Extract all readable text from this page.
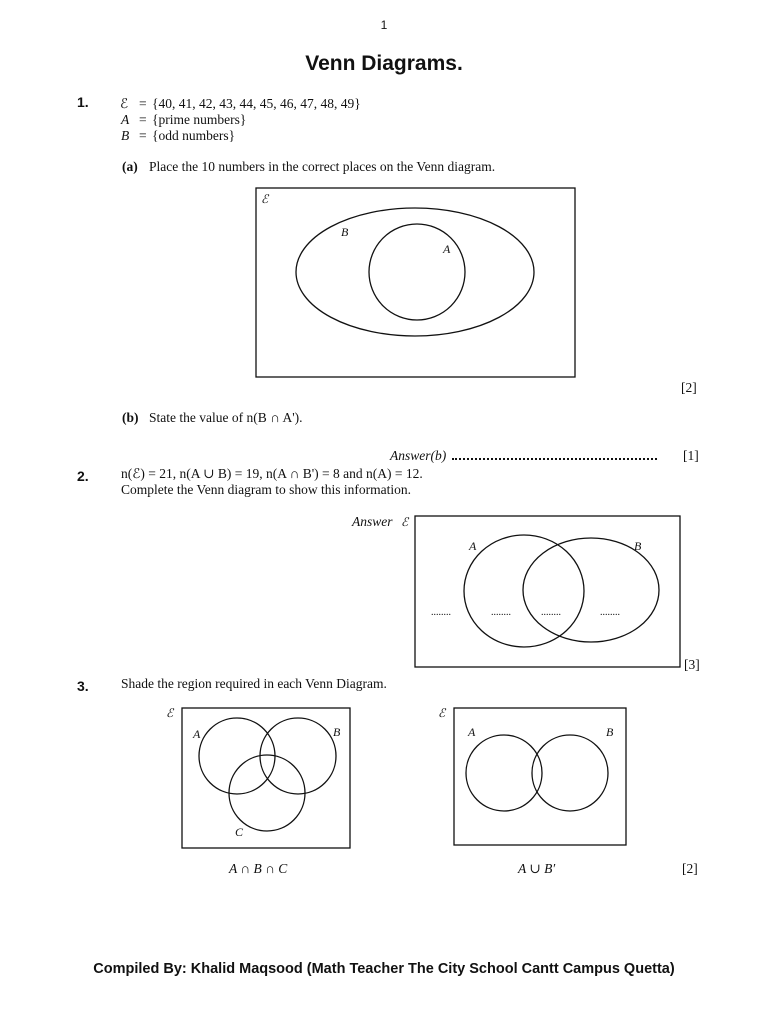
1
Venn Diagrams.
1. ℰ = {40, 41, 42, 43, 44, 45, 46, 47, 48, 49}
A = {prime numbers}
B = {odd numbers}
(a) Place the 10 numbers in the correct places on the Venn diagram.
ℰ
B
A
[2]
(b) State the value of n(B ∩ A').
Answer(b)	[1]
2. n(ℰ) = 21, n(A ∪ B) = 19, n(A ∩ B') = 8 and n(A) = 12.
Complete the Venn diagram to show this information.
Answer ℰ
A	B
........	........	........	........
[3]
3. Shade the region required in each Venn Diagram.
ℰ
A	B
C
ℰ
A	B
A ∩ B ∩ C	A ∪ B′	[2]
Compiled By: Khalid Maqsood (Math Teacher The City School Cantt Campus Quetta)
